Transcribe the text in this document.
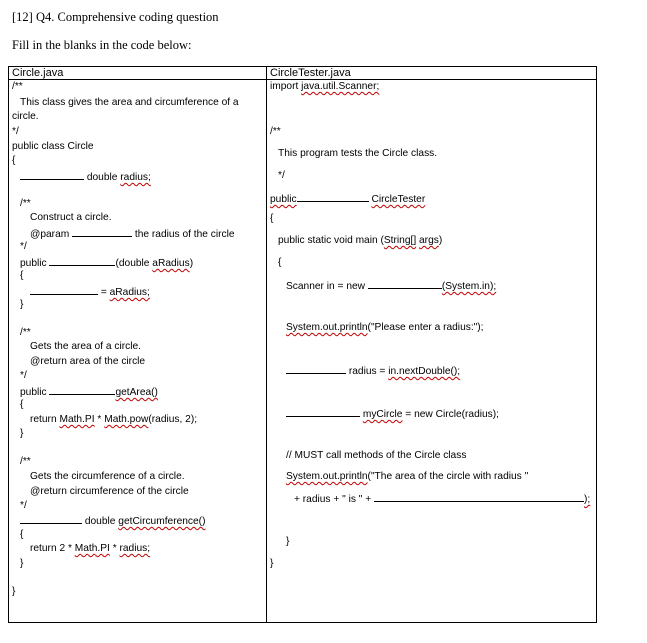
[12] Q4. Comprehensive coding question
Fill in the blanks in the code below:
Circle.java
/**
This class gives the area and circumference of a
circle.
*/
public class Circle
{
double radius;
/**
Construct a circle.
@param	the radius of the circle
*/
public	(double aRadius)
{
= aRadius;
}
/**
Gets the area of a circle.
@return area of the circle
*/
public	getArea()
{
return Math.PI * Math.pow(radius, 2);
}
/**
Gets the circumference of a circle.
@return circumference of the circle
*/
double getCircumference()
{
return 2 * Math.PI * radius;
}
}
CircleTester.java
import java.util.Scanner;
/**
This program tests the Circle class.
*/
public	CircleTester
{
public static void main (String[] args)
{
Scanner in = new	(System.in);
System.out.println("Please enter a radius:");
radius = in.nextDouble();
myCircle = new Circle(radius);
// MUST call methods of the Circle class
System.out.println("The area of the circle with radius "
+ radius + " is " +	);
}
}
